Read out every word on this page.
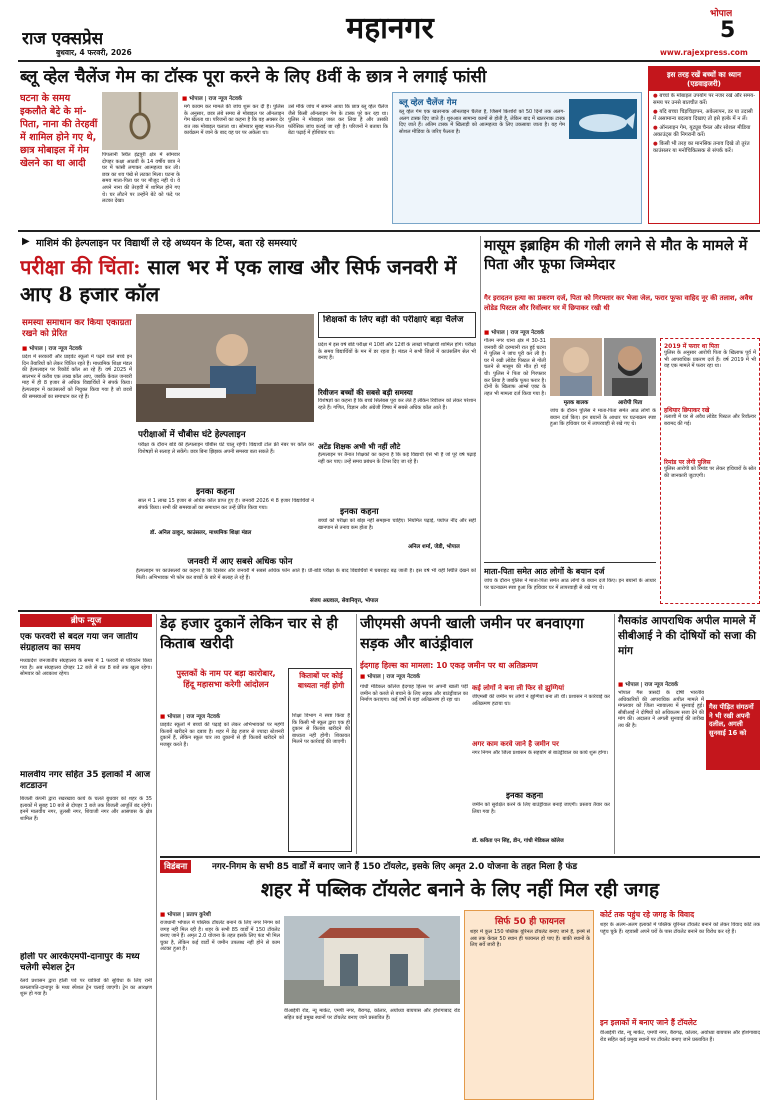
राज एक्सप्रेस
बुधवार, 4 फरवरी, 2026
महानगर	भोपाल
5
www.rajexpress.com
ब्लू व्हेल चैलेंज गेम का टॉस्क पूरा करने के लिए 8वीं के छात्र ने लगाई फांसी
घटना के समय इकलौते बेटे के मां-पिता, नाना की तेरहवीं में शामिल होने गए थे, छात्र मोबाइल में गेम खेलने का था आदी
■ भोपाल | राज न्यूज नेटवर्क
पिपलानी स्थित इंद्रपुरी क्षेत्र में सोमवार दोपहर कक्षा आठवीं के 14 वर्षीय छात्र ने घर में फांसी लगाकर आत्महत्या कर ली। छात्र का शव पंखे से लटका मिला। घटना के समय माता-पिता घर पर मौजूद नहीं थे। वे अपने नाना की तेरहवीं में शामिल होने गए थे। घर लौटने पर उन्होंने बेटे को फंदे पर लटका देखा।
मर्ग कायम कर मामले की जांच शुरू कर दी है। पुलिस के अनुसार, छात्र लंबे समय से मोबाइल पर ऑनलाइन गेम खेलता था। परिजनों का कहना है कि वह अक्सर देर रात तक मोबाइल चलाता था। सोमवार सुबह माता-पिता कार्यक्रम में जाने के बाद वह घर पर अकेला था।
उसे मौके जांच में सामने आया कि छात्र ब्लू व्हेल चैलेंज जैसे किसी ऑनलाइन गेम के टास्क पूरे कर रहा था। पुलिस ने मोबाइल जब्त कर लिया है और उसकी फॉरेंसिक जांच कराई जा रही है। परिजनों ने बताया कि बेटा पढ़ाई में होशियार था।
ब्लू व्हेल चैलेंज गेम
ब्लू व्हेल गेम एक खतरनाक ऑनलाइन चैलेंज है, जिसमें किशोरों को 50 दिनों तक अलग-अलग टास्क दिए जाते हैं। शुरुआत सामान्य कामों से होती है, लेकिन बाद में खतरनाक टास्क दिए जाते हैं। अंतिम टास्क में खिलाड़ी को आत्महत्या के लिए उकसाया जाता है। यह गेम सोशल मीडिया के जरिए फैलता है।
इस तरह रखें बच्चों का ध्यान (एडवाइजरी)
● बच्चों के मोबाइल उपयोग पर नजर रखें और समय-समय पर उनसे बातचीत करें।
● यदि बच्चा चिड़चिड़ापन, अकेलापन, डर या उदासी में असामान्य बदलाव दिखाए तो इसे हल्के में न लें।
● ऑनलाइन गेम, यूट्यूब चैनल और सोशल मीडिया अकाउंट्स की निगरानी करें।
● किसी भी तरह का मानसिक तनाव दिखे तो तुरंत काउंसलर या मनोचिकित्सक से संपर्क करें।
माशिमं की हेल्पलाइन पर विद्यार्थी ले रहे अध्ययन के टिप्स, बता रहे समस्याएं
▶
परीक्षा की चिंता: साल भर में एक लाख और सिर्फ जनवरी में आए 8 हजार कॉल
समस्या समाधान कर किया एकाग्रता रखने को प्रेरित
■ भोपाल | राज न्यूज नेटवर्क
प्रदेश में सरकारी और प्राइवेट स्कूलों में पढ़ने वाले बच्चे इन दिन तैयारियों को लेकर चिंतित रहते हैं। माध्यमिक शिक्षा मंडल की हेल्पलाइन पर रिकॉर्ड कॉल आ रहे हैं। वर्ष 2025 में सालभर में करीब एक लाख कॉल आए, जबकि केवल जनवरी माह में ही 8 हजार से अधिक विद्यार्थियों ने संपर्क किया। हेल्पलाइन में काउंसलरों को नियुक्त किया गया है जो छात्रों की समस्याओं का समाधान कर रहे हैं।
शिक्षकों के लिए बड़ी की परीक्षाएं बड़ा चैलेंज
प्रदेश में इस वर्ष बोर्ड परीक्षा में 10वीं और 12वीं के लाखों परीक्षार्थी शामिल होंगे। परीक्षा के समय विद्यार्थियों के मन में डर रहता है। मंडल ने सभी जिलों में काउंसलिंग सेल भी बनाए हैं।
रिवीजन बच्चों की सबसे बड़ी समस्या
विशेषज्ञों का कहना है कि बच्चे सिलेबस पूरा कर लेते हैं लेकिन रिवीजन को लेकर परेशान रहते हैं। गणित, विज्ञान और अंग्रेजी विषय में सबसे अधिक कॉल आते हैं।
अटेंड शिक्षक अभी भी नहीं लौटे
हेल्पलाइन पर तैनात शिक्षकों का कहना है कि कई विद्यार्थी ऐसे भी हैं जो पूरे वर्ष पढ़ाई नहीं कर पाए। उन्हें समय प्रबंधन के टिप्स दिए जा रहे हैं।
परीक्षाओं में चौबीस घंटे हेल्पलाइन
परीक्षा के दौरान बोर्ड की हेल्पलाइन चौबीस घंटे चालू रहेगी। विद्यार्थी टोल फ्री नंबर पर कॉल कर विशेषज्ञों से सलाह ले सकेंगे। छात्र बिना झिझक अपनी समस्या बता सकते हैं।
इनका कहना
साल में 1 लाख 15 हजार से अधिक कॉल प्राप्त हुए हैं। जनवरी 2026 में 8 हजार विद्यार्थियों ने संपर्क किया। सभी की समस्याओं का समाधान कर उन्हें प्रेरित किया गया।
डॉ. अनिल ठाकुर, काउंसलर, माध्यमिक शिक्षा मंडल
इनका कहना
बच्चों को परीक्षा को बोझ नहीं समझना चाहिए। नियमित पढ़ाई, पर्याप्त नींद और सही खानपान से तनाव कम होता है।
अनिल शर्मा, जेडी, भोपाल
जनवरी में आए सबसे अधिक फोन
हेल्पलाइन पर काउंसलरों का कहना है कि दिसंबर और जनवरी में सबसे अधिक फोन आते हैं। प्री-बोर्ड परीक्षा के बाद विद्यार्थियों में घबराहट बढ़ जाती है। इस वर्ष भी यही स्थिति देखने को मिली। अभिभावक भी फोन कर बच्चों के बारे में सलाह ले रहे हैं।
संजय अग्रवाल, सेवानिवृत्त, भोपाल
मासूम इब्राहिम की गोली लगने से मौत के मामले में पिता और फूफा जिम्मेदार
गैर इरादतन हत्या का प्रकरण दर्ज, पिता को गिरफ्तार कर भेजा जेल, फरार फूफा वाहिद नूर की तलाश, अवैध लोडेड पिस्टल और रिवॉल्वर घर में छिपाकर रखी थी
■ भोपाल | राज न्यूज नेटवर्क
मृतक बालक	आरोपी पिता
गौतम नगर थाना क्षेत्र में 30-31 जनवरी की दरम्यानी रात हुई घटना में पुलिस ने जांच पूरी कर ली है। घर में रखी लोडेड पिस्टल से गोली चलने से मासूम की मौत हो गई थी। पुलिस ने पिता को गिरफ्तार कर लिया है जबकि फूफा फरार है। दोनों के खिलाफ आर्म्स एक्ट के तहत भी मामला दर्ज किया गया है।
जांच के दौरान पुलिस ने माता-पिता समेत आठ लोगों के बयान दर्ज किए। इन बयानों के आधार पर घटनाक्रम स्पष्ट हुआ कि हथियार घर में लापरवाही से रखे गए थे।
माता-पिता समेत आठ लोगों के बयान दर्ज
जांच के दौरान पुलिस ने माता-पिता समेत आठ लोगों के बयान दर्ज किए। इन बयानों के आधार पर घटनाक्रम स्पष्ट हुआ कि हथियार घर में लापरवाही से रखे गए थे।
2019 में फरार था पिता
पुलिस के अनुसार आरोपी पिता के खिलाफ पूर्व में भी आपराधिक प्रकरण दर्ज हैं। वर्ष 2019 में भी वह एक मामले में फरार रहा था।
हथियार छिपाकर रखे
तलाशी में घर से अवैध लोडेड पिस्टल और रिवॉल्वर बरामद की गई।
रिमांड पर लेगी पुलिस
पुलिस आरोपी को रिमांड पर लेकर हथियारों के स्रोत की जानकारी जुटाएगी।
ब्रीफ न्यूज
एक फरवरी से बदल गया जन जातीय संग्रहालय का समय
मध्यप्रदेश जनजातीय संग्रहालय के समय में 1 फरवरी से परिवर्तन किया गया है। अब संग्रहालय दोपहर 12 बजे से रात 8 बजे तक खुला रहेगा। सोमवार को अवकाश रहेगा।
मालवीय नगर सहित 35 इलाकों में आज शटडाउन
बिजली कंपनी द्वारा रखरखाव कार्य के चलते बुधवार को शहर के 35 इलाकों में सुबह 10 बजे से दोपहर 3 बजे तक बिजली आपूर्ति बंद रहेगी। इनमें मालवीय नगर, तुलसी नगर, शिवाजी नगर और आसपास के क्षेत्र शामिल हैं।
होली पर आरकेएमपी-दानापुर के मध्य चलेगी स्पेशल ट्रेन
रेलवे प्रशासन द्वारा होली पर्व पर यात्रियों की सुविधा के लिए रानी कमलापति-दानापुर के मध्य स्पेशल ट्रेन चलाई जाएगी। ट्रेन का आरक्षण शुरू हो गया है।
डेढ़ हजार दुकानें लेकिन चार से ही किताब खरीदी
पुस्तकों के नाम पर बड़ा कारोबार, हिंदू महासभा करेगी आंदोलन
■ भोपाल | राज न्यूज नेटवर्क
प्राइवेट स्कूलों में बच्चों की पढ़ाई को लेकर अभिभावकों पर महंगी किताबें खरीदने का दबाव है। शहर में डेढ़ हजार से ज्यादा स्टेशनरी दुकानें हैं, लेकिन स्कूल चार तय दुकानों से ही किताबें खरीदने को मजबूर करते हैं।
किताबों पर कोई बाध्यता नहीं होगी
शिक्षा विभाग ने स्पष्ट किया है कि किसी भी स्कूल द्वारा एक ही दुकान से किताब खरीदने की बाध्यता नहीं होगी। शिकायत मिलने पर कार्रवाई की जाएगी।
जीएमसी अपनी खाली जमीन पर बनवाएगा सड़क और बाउंड्रीवाल
ईदगाह हिल्स का मामला: 10 एकड़ जमीन पर था अतिक्रमण
■ भोपाल | राज न्यूज नेटवर्क
गांधी मेडिकल कॉलेज ईदगाह हिल्स पर अपनी खाली पड़ी जमीन को कब्जे से बचाने के लिए सड़क और बाउंड्रीवाल का निर्माण कराएगा। कई वर्षों से यहां अतिक्रमण हो रहा था।
कई लोगों ने बना ली फिर से झुग्गियां
जीएमसी की जमीन पर लोगों ने झुग्गियां बना ली थीं। प्रशासन ने कार्रवाई कर अतिक्रमण हटाया था।
अगर काम करवे जाने है जमीन पर
नगर निगम और जिला प्रशासन के सहयोग से बाउंड्रीवाल का कार्य शुरू होगा।
इनका कहना
जमीन को सुरक्षित करने के लिए बाउंड्रीवाल बनाई जाएगी। प्रस्ताव तैयार कर लिया गया है।
डॉ. कविता एन सिंह, डीन, गांधी मेडिकल कॉलेज
गैसकांड आपराधिक अपील मामले में सीबीआई ने की दोषियों को सजा की मांग
■ भोपाल | राज न्यूज नेटवर्क
भोपाल गैस त्रासदी के दोषी भारतीय अधिकारियों की आपराधिक अपील मामले में मंगलवार को जिला न्यायालय में सुनवाई हुई। सीबीआई ने दोषियों को अधिकतम सजा देने की मांग की। अदालत ने अगली सुनवाई की तारीख तय की है।
गैस पीड़ित संगठनों ने भी रखी अपनी दलील, अगली सुनवाई 16 को
विडंबना	नगर-निगम के सभी 85 वार्डों में बनाए जाने हैं 150 टॉयलेट, इसके लिए अमृत 2.0 योजना के तहत मिला है फंड
शहर में पब्लिक टॉयलेट बनाने के लिए नहीं मिल रही जगह
■ भोपाल | प्रताप कुरेशी
राजधानी भोपाल में पब्लिक टॉयलेट बनाने के लिए नगर निगम को जगह नहीं मिल रही है। शहर के सभी 85 वार्डों में 150 टॉयलेट बनाए जाने हैं। अमृत 2.0 योजना के तहत इसके लिए फंड भी मिल चुका है, लेकिन कई वार्डों में जमीन उपलब्ध नहीं होने से काम अटका हुआ है।
वीआईपी रोड, न्यू मार्केट, एमपी नगर, बैरागढ़, कोलार, अयोध्या बायपास और होशंगाबाद रोड सहित कई प्रमुख स्थानों पर टॉयलेट बनाए जाने प्रस्तावित हैं।
सिर्फ 50 ही फायनल
शहर में कुल 150 पब्लिक यूरिनल टॉयलेट बनाए जाने हैं, इनमें से अब तक केवल 50 स्थान ही फायनल हो पाए हैं। बाकी स्थानों के लिए सर्वे जारी है।
कोर्ट तक पहुंच रहे जगह के विवाद
शहर के अलग-अलग इलाकों में पब्लिक यूरिनल टॉयलेट बनाने को लेकर विवाद कोर्ट तक पहुंच चुके हैं। रहवासी अपने घरों के पास टॉयलेट बनाने का विरोध कर रहे हैं।
इन इलाकों में बनाए जाने हैं टॉयलेट
वीआईपी रोड, न्यू मार्केट, एमपी नगर, बैरागढ़, कोलार, अयोध्या बायपास और होशंगाबाद रोड सहित कई प्रमुख स्थानों पर टॉयलेट बनाए जाने प्रस्तावित हैं।
